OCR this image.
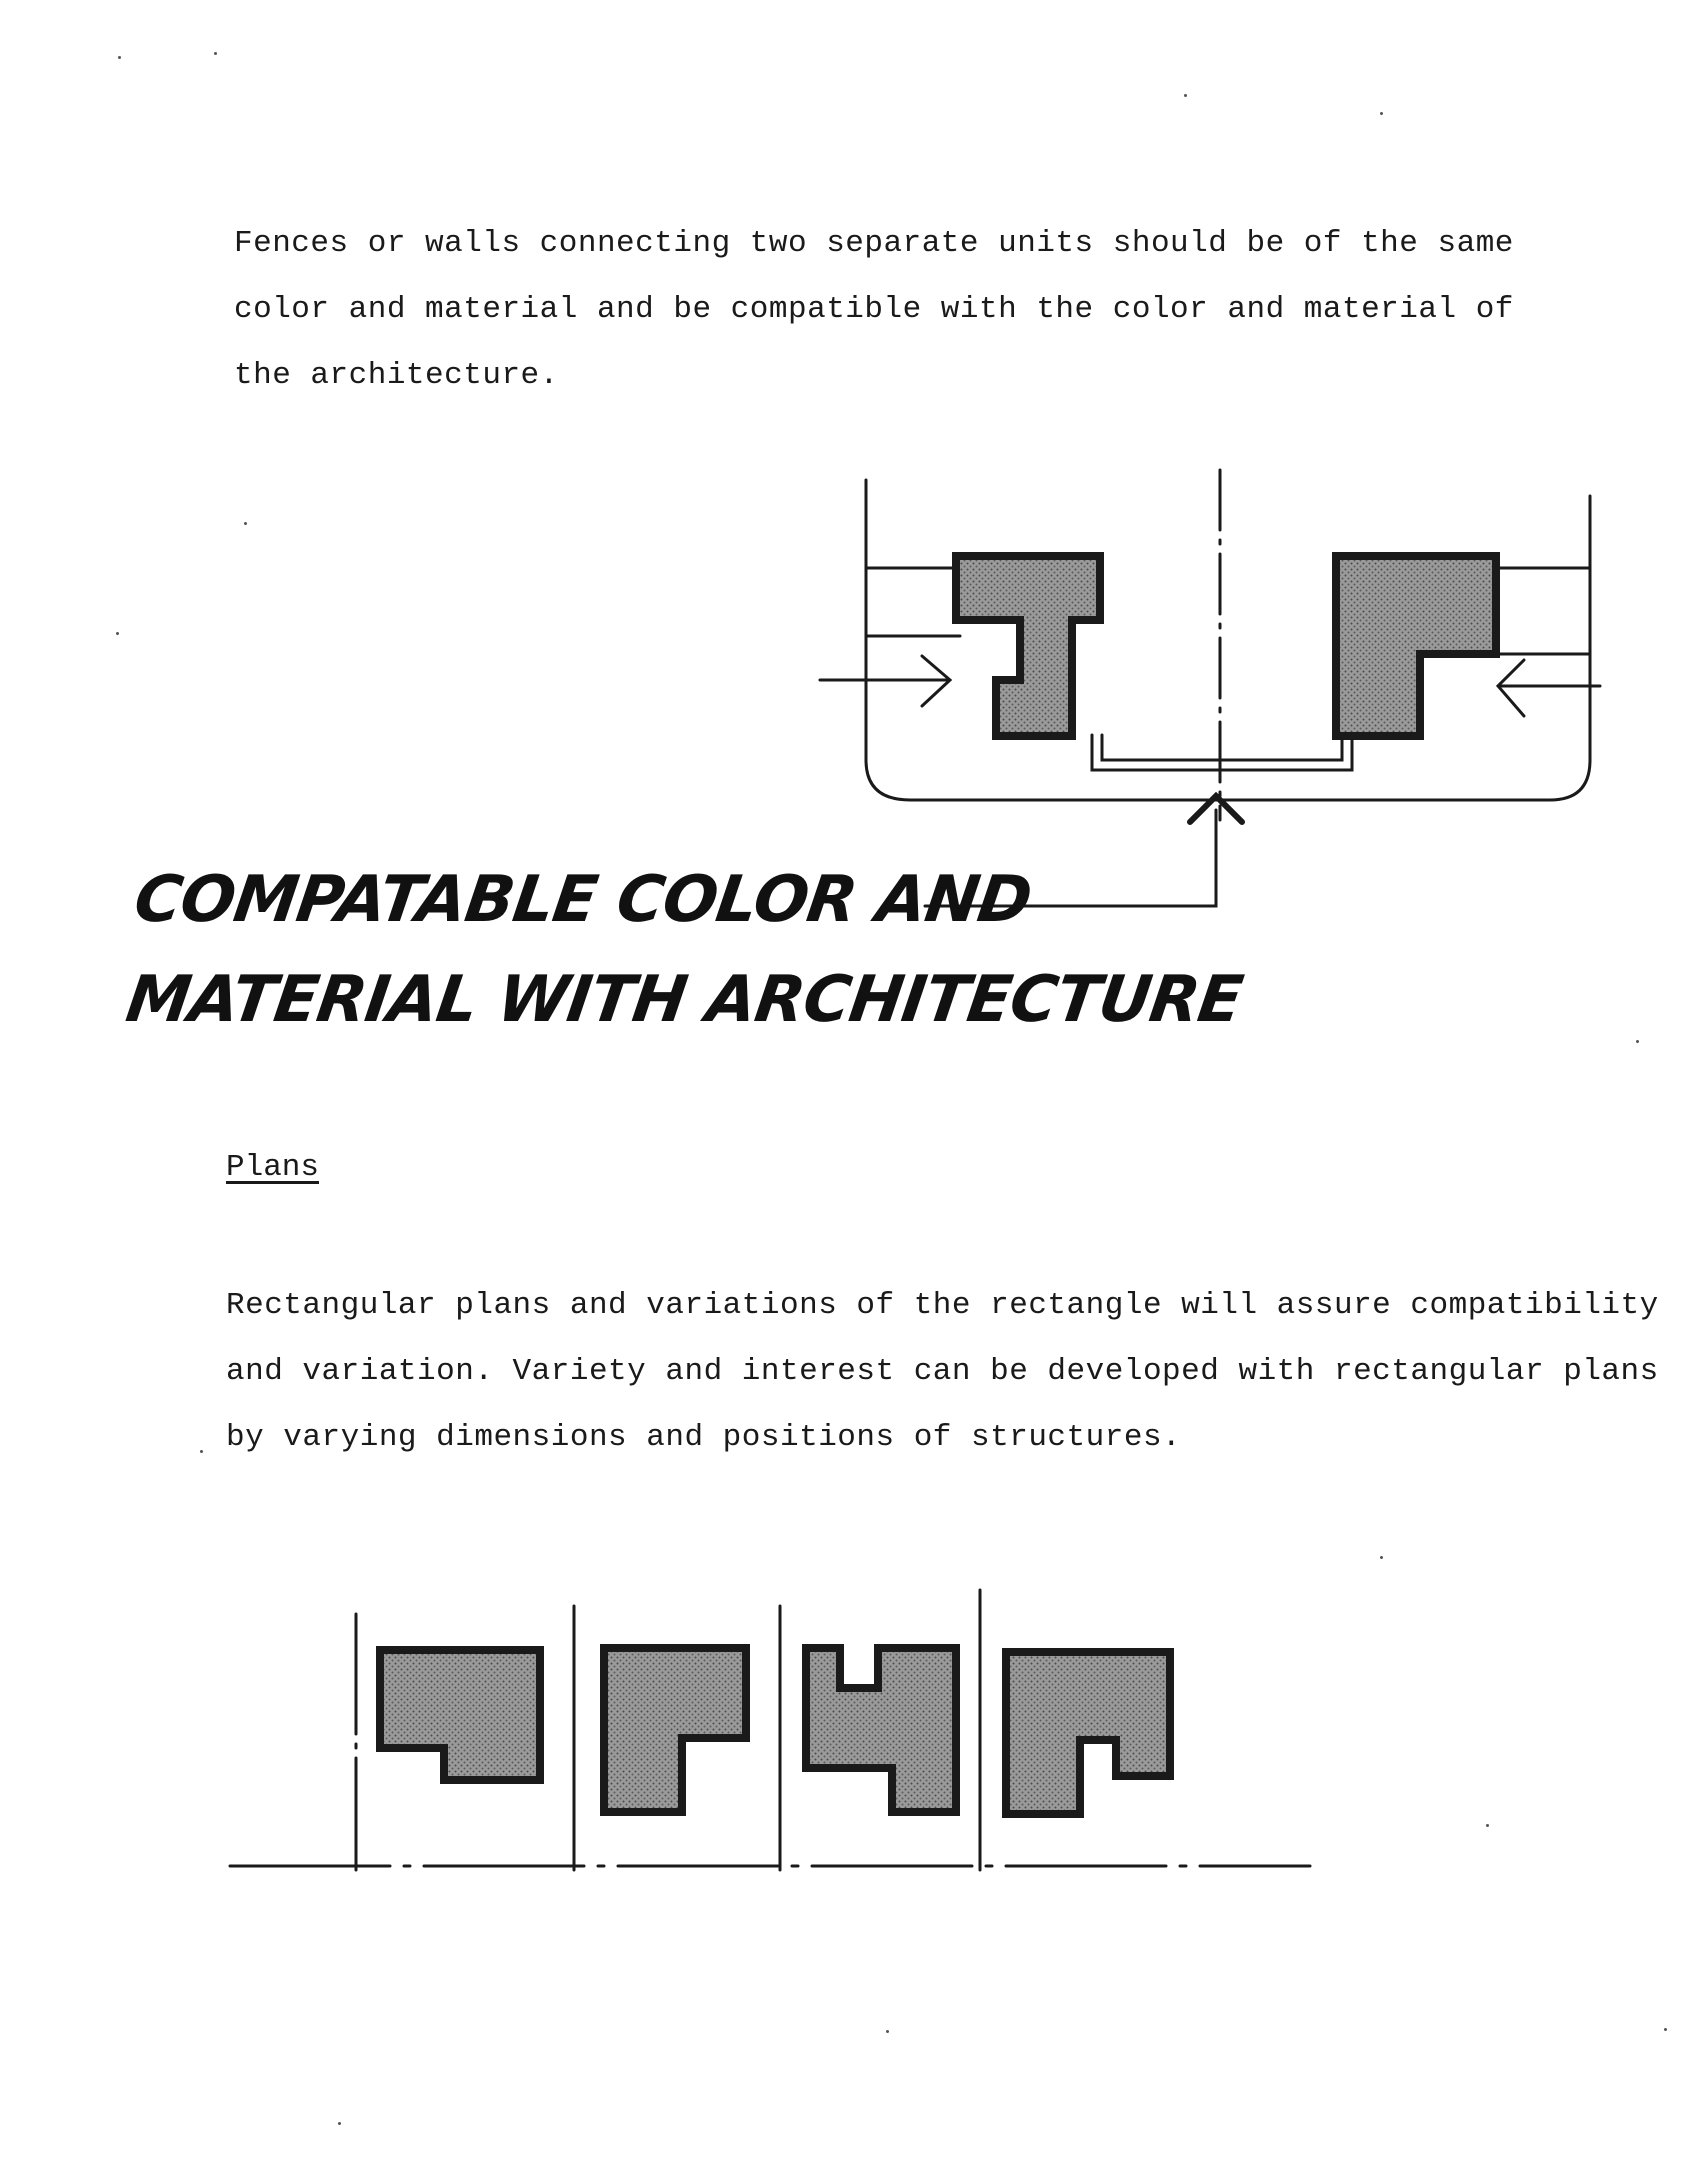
Fences or walls connecting two separate units should be of the same
color and material and be compatible with the color and material of
the architecture.
COMPATABLE COLOR AND
MATERIAL WITH ARCHITECTURE
Plans
Rectangular plans and variations of the rectangle will assure compatibility
and variation. Variety and interest can be developed with rectangular plans
by varying dimensions and positions of structures.
